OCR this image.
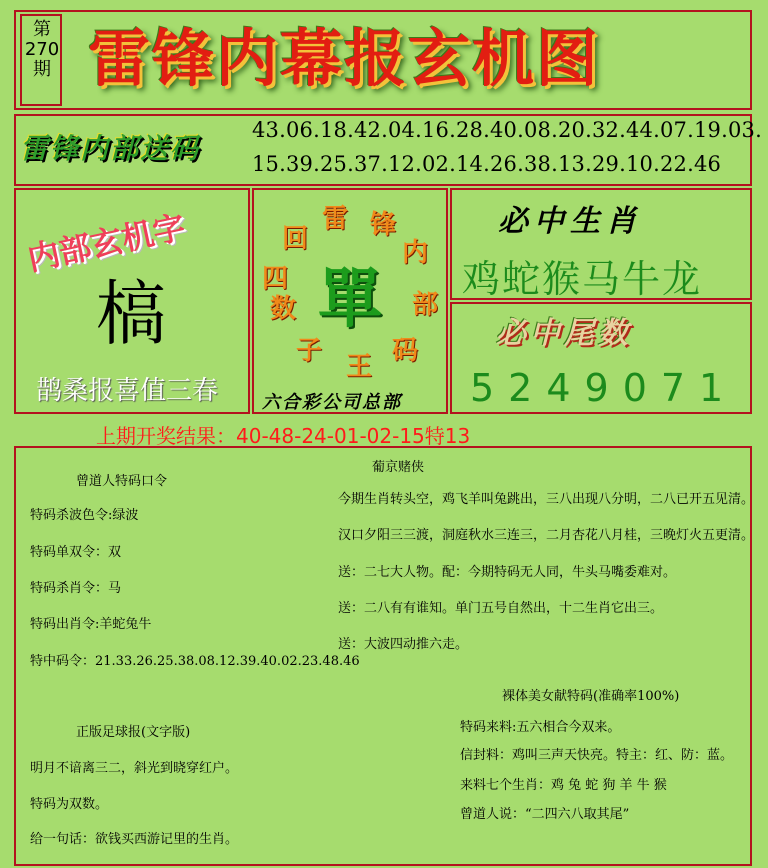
第270期 雷锋内幕报玄机图
雷锋内部送码
43.06.18.42.04.16.28.40.08.20.32.44.07.19.03.
15.39.25.37.12.02.14.26.38.13.29.10.22.46
内部玄机字
槁
鹊桑报喜值三春
雷 锋
内
部
码
王
子
数
四
回
單
六合彩公司总部
必中生肖
鸡蛇猴马牛龙
必中尾数
5249071
上期开奖结果：40-48-24-01-02-15特13
曾道人特码口令
特码杀波色令:绿波
特码单双令：双
特码杀肖令：马
特码出肖令:羊蛇兔牛
特中码令：21.33.26.25.38.08.12.39.40.02.23.48.46
正版足球报(文字版)
明月不谙离三二，斜光到晓穿红户。
特码为双数。
给一句话：欲钱买西游记里的生肖。
葡京赌侠
今期生肖转头空，鸡飞羊叫兔跳出，三八出现八分明，二八已开五见清。
汉口夕阳三三渡，洞庭秋水三连三，二月杏花八月桂，三晚灯火五更清。
送：二七大人物。配：今期特码无人同，牛头马嘴委难对。
送：二八有有谁知。单门五号自然出，十二生肖它出三。
送：大波四动推六走。
裸体美女献特码(准确率100%)
特码来料:五六相合今双来。
信封料：鸡叫三声天快亮。特主：红、防：蓝。
来料七个生肖：鸡 兔 蛇 狗 羊 牛 猴
曾道人说：“二四六八取其尾”
